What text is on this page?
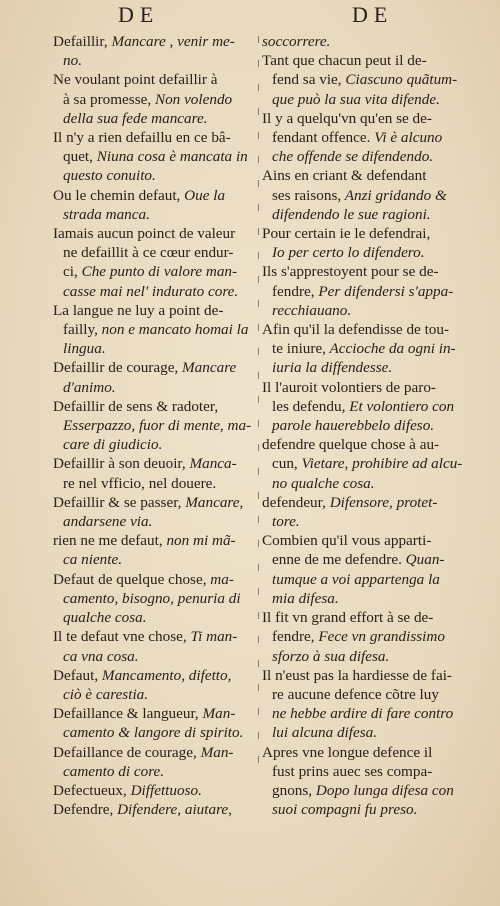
DE	DE
Defaillir, Mancare , venir me-
no.
Ne voulant point defaillir à
à sa promesse, Non volendo
della sua fede mancare.
Il n'y a rien defaillu en ce bâ-
quet, Niuna cosa è mancata in
questo conuito.
Ou le chemin defaut, Oue la
strada manca.
Iamais aucun poinct de valeur
ne defaillit à ce cœur endur-
ci, Che punto di valore man-
casse mai nel' indurato core.
La langue ne luy a point de-
failly, non e mancato homai la
lingua.
Defaillir de courage, Mancare
d'animo.
Defaillir de sens & radoter,
Esserpazzo, fuor di mente, ma-
care di giudicio.
Defaillir à son deuoir, Manca-
re nel vfficio, nel douere.
Defaillir & se passer, Mancare,
andarsene via.
rien ne me defaut, non mi mã-
ca niente.
Defaut de quelque chose, ma-
camento, bisogno, penuria di
qualche cosa.
Il te defaut vne chose, Ti man-
ca vna cosa.
Defaut, Mancamento, difetto,
ciò è carestia.
Defaillance & langueur, Man-
camento & langore di spirito.
Defaillance de courage, Man-
camento di core.
Defectueux, Diffettuoso.
Defendre, Difendere, aiutare,
soccorrere.
Tant que chacun peut il de-
fend sa vie, Ciascuno quãtum-
que può la sua vita difende.
Il y a quelqu'vn qu'en se de-
fendant offence. Vi è alcuno
che offende se difendendo.
Ains en criant & defendant
ses raisons, Anzi gridando &
difendendo le sue ragioni.
Pour certain ie le defendrai,
Io per certo lo difendero.
Ils s'apprestoyent pour se de-
fendre, Per difendersi s'appa-
recchiauano.
Afin qu'il la defendisse de tou-
te iniure, Accioche da ogni in-
iuria la diffendesse.
Il l'auroit volontiers de paro-
les defendu, Et volontiero con
parole hauerebbelo difeso.
defendre quelque chose à au-
cun, Vietare, prohibire ad alcu-
no qualche cosa.
defendeur, Difensore, protet-
tore.
Combien qu'il vous apparti-
enne de me defendre. Quan-
tumque a voi appartenga la
mia difesa.
Il fit vn grand effort à se de-
fendre, Fece vn grandissimo
sforzo à sua difesa.
Il n'eust pas la hardiesse de fai-
re aucune defence cõtre luy
ne hebbe ardire di fare contro
lui alcuna difesa.
Apres vne longue defence il
fust prins auec ses compa-
gnons, Dopo lunga difesa con
suoi compagni fu preso.
